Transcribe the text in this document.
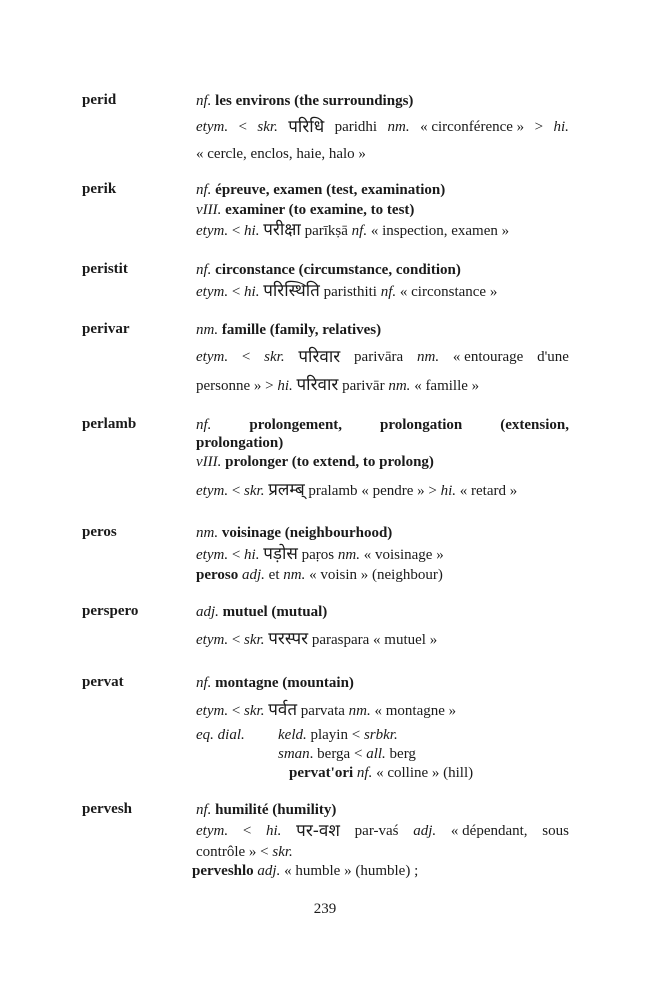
perid	nf. les environs (the surroundings)
etym. < skr. परिधि paridhi nm. « circonférence » > hi.
« cercle, enclos, haie, halo »
perik	nf. épreuve, examen (test, examination)
vIII. examiner (to examine, to test)
etym. < hi. परीक्षा parīkṣā nf. « inspection, examen »
peristit	nf. circonstance (circumstance, condition)
etym. < hi. परिस्थिति paristhiti nf. « circonstance »
perivar	nm. famille (family, relatives)
etym. < skr. परिवार parivāra nm. « entourage d'une
personne » > hi. परिवार parivār nm. « famille »
perlamb	nf.	prolongement,	prolongation	(extension,
prolongation)
vIII. prolonger (to extend, to prolong)
etym. < skr. प्रलम्ब् pralamb « pendre » > hi. « retard »
peros	nm. voisinage (neighbourhood)
etym. < hi. पड़ोस paṛos nm. « voisinage »
peroso adj. et nm. « voisin » (neighbour)
perspero	adj. mutuel (mutual)
etym. < skr. परस्पर paraspara « mutuel »
pervat	nf. montagne (mountain)
etym. < skr. पर्वत parvata nm. « montagne »
eq. dial.	keld. playin < srbkr.
sman. berga < all. berg
pervat'ori nf. « colline » (hill)
pervesh	nf. humilité (humility)
etym. < hi. पर-वश par-vaś adj. « dépendant, sous
contrôle » < skr.
perveshlo adj. « humble » (humble) ;
239
